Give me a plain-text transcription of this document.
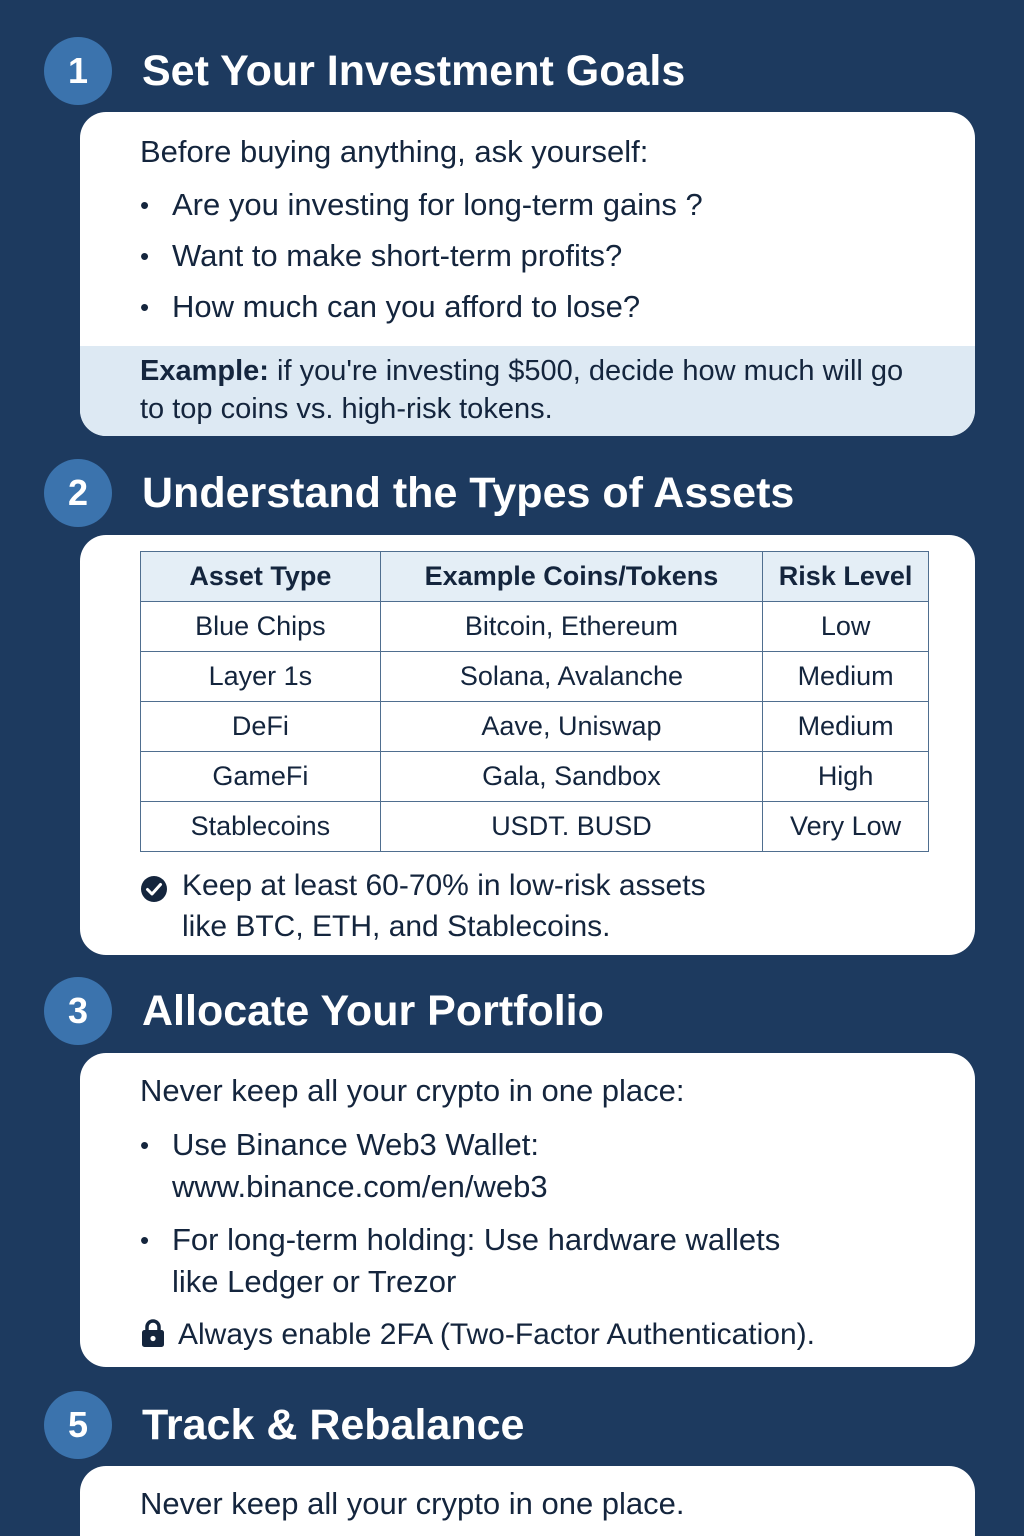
1	Set Your Investment Goals
Before buying anything, ask yourself:
• Are you investing for long-term gains ?
• Want to make short-term profits?
• How much can you afford to lose?
Example: if you're investing $500, decide how much will go to top coins vs. high-risk tokens.
2	Understand the Types of Assets
Asset Type	Example Coins/Tokens	Risk Level
Blue Chips	Bitcoin, Ethereum	Low
Layer 1s	Solana, Avalanche	Medium
DeFi	Aave, Uniswap	Medium
GameFi	Gala, Sandbox	High
Stablecoins	USDT. BUSD	Very Low
Keep at least 60-70% in low-risk assets
like BTC, ETH, and Stablecoins.
3	Allocate Your Portfolio
Never keep all your crypto in one place:
• Use Binance Web3 Wallet:
www.binance.com/en/web3
• For long-term holding: Use hardware wallets
like Ledger or Trezor
Always enable 2FA (Two-Factor Authentication).
5	Track & Rebalance
Never keep all your crypto in one place.
